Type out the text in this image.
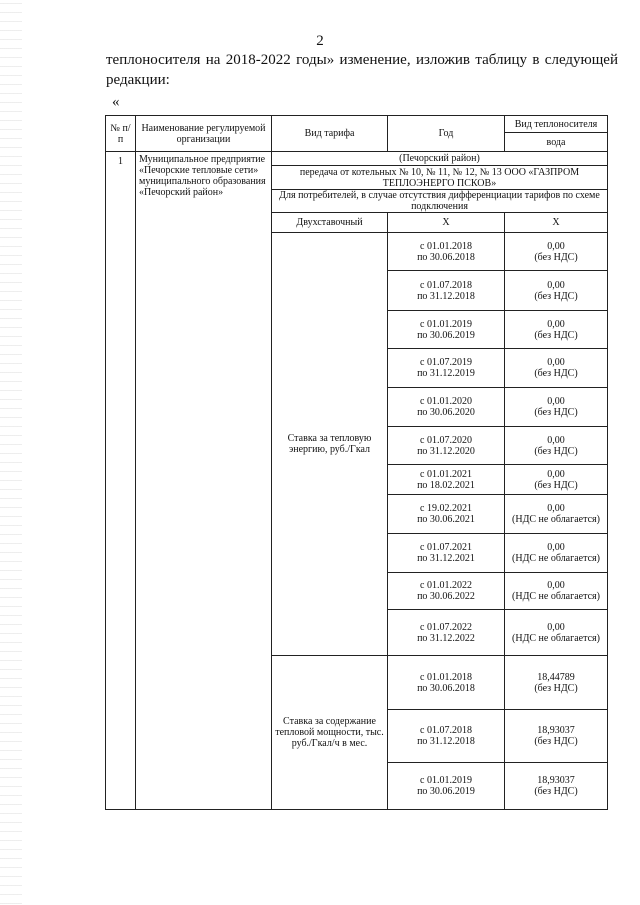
2
теплоносителя на 2018-2022 годы» изменение, изложив таблицу в следующей редакции:
«
№ п/п	Наименование регулируемой организации	Вид тарифа	Год	Вид теплоносителя
				вода
1	Муниципальное предприятие «Печорские тепловые сети» муниципального образования «Печорский район»	(Печорский район)		
		передача от котельных № 10, № 11, № 12, № 13 ООО «ГАЗПРОМ ТЕПЛОЭНЕРГО ПСКОВ»		
		Для потребителей, в случае отсутствия дифференциации тарифов по схеме подключения		
		Двухставочный	X	X
		Ставка за тепловую энергию, руб./Гкал	с 01.01.2018
по 30.06.2018	0,00
(без НДС)
			с 01.07.2018
по 31.12.2018	0,00
(без НДС)
			с 01.01.2019
по 30.06.2019	0,00
(без НДС)
			с 01.07.2019
по 31.12.2019	0,00
(без НДС)
			с 01.01.2020
по 30.06.2020	0,00
(без НДС)
			с 01.07.2020
по 31.12.2020	0,00
(без НДС)
			с 01.01.2021
по 18.02.2021	0,00
(без НДС)
			с 19.02.2021
по 30.06.2021	0,00
(НДС не облагается)
			с 01.07.2021
по 31.12.2021	0,00
(НДС не облагается)
			с 01.01.2022
по 30.06.2022	0,00
(НДС не облагается)
			с 01.07.2022
по 31.12.2022	0,00
(НДС не облагается)
		Ставка за содержание тепловой мощности, тыс. руб./Гкал/ч в мес.	с 01.01.2018
по 30.06.2018	18,44789
(без НДС)
			с 01.07.2018
по 31.12.2018	18,93037
(без НДС)
			с 01.01.2019
по 30.06.2019	18,93037
(без НДС)
